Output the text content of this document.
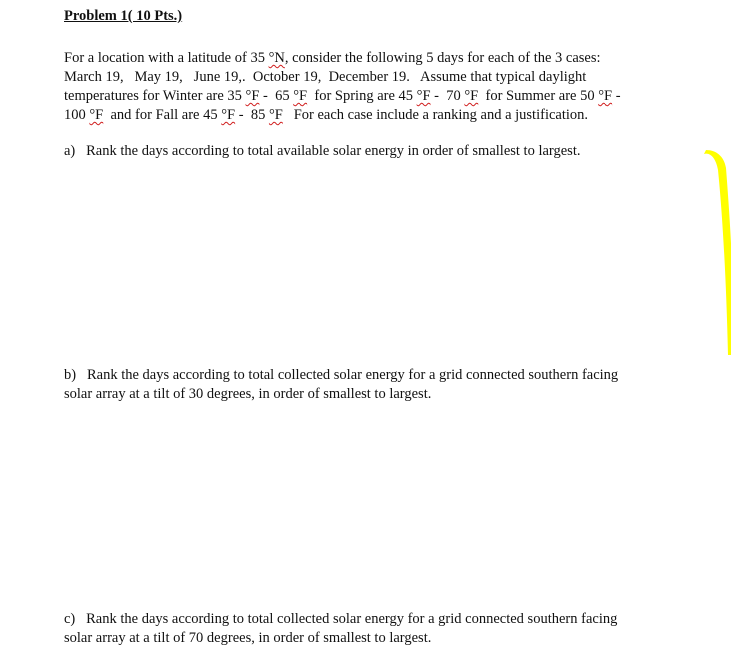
Problem 1( 10 Pts.)
For a location with a latitude of 35 °N, consider the following 5 days for each of the 3 cases:
March 19,   May 19,   June 19,.  October 19,  December 19.   Assume that typical daylight
temperatures for Winter are 35 °F -  65 °F  for Spring are 45 °F -  70 °F  for Summer are 50 °F -
100 °F  and for Fall are 45 °F -  85 °F   For each case include a ranking and a justification.
a) Rank the days according to total available solar energy in order of smallest to largest.
b) Rank the days according to total collected solar energy for a grid connected southern facing
solar array at a tilt of 30 degrees, in order of smallest to largest.
c) Rank the days according to total collected solar energy for a grid connected southern facing
solar array at a tilt of 70 degrees, in order of smallest to largest.
